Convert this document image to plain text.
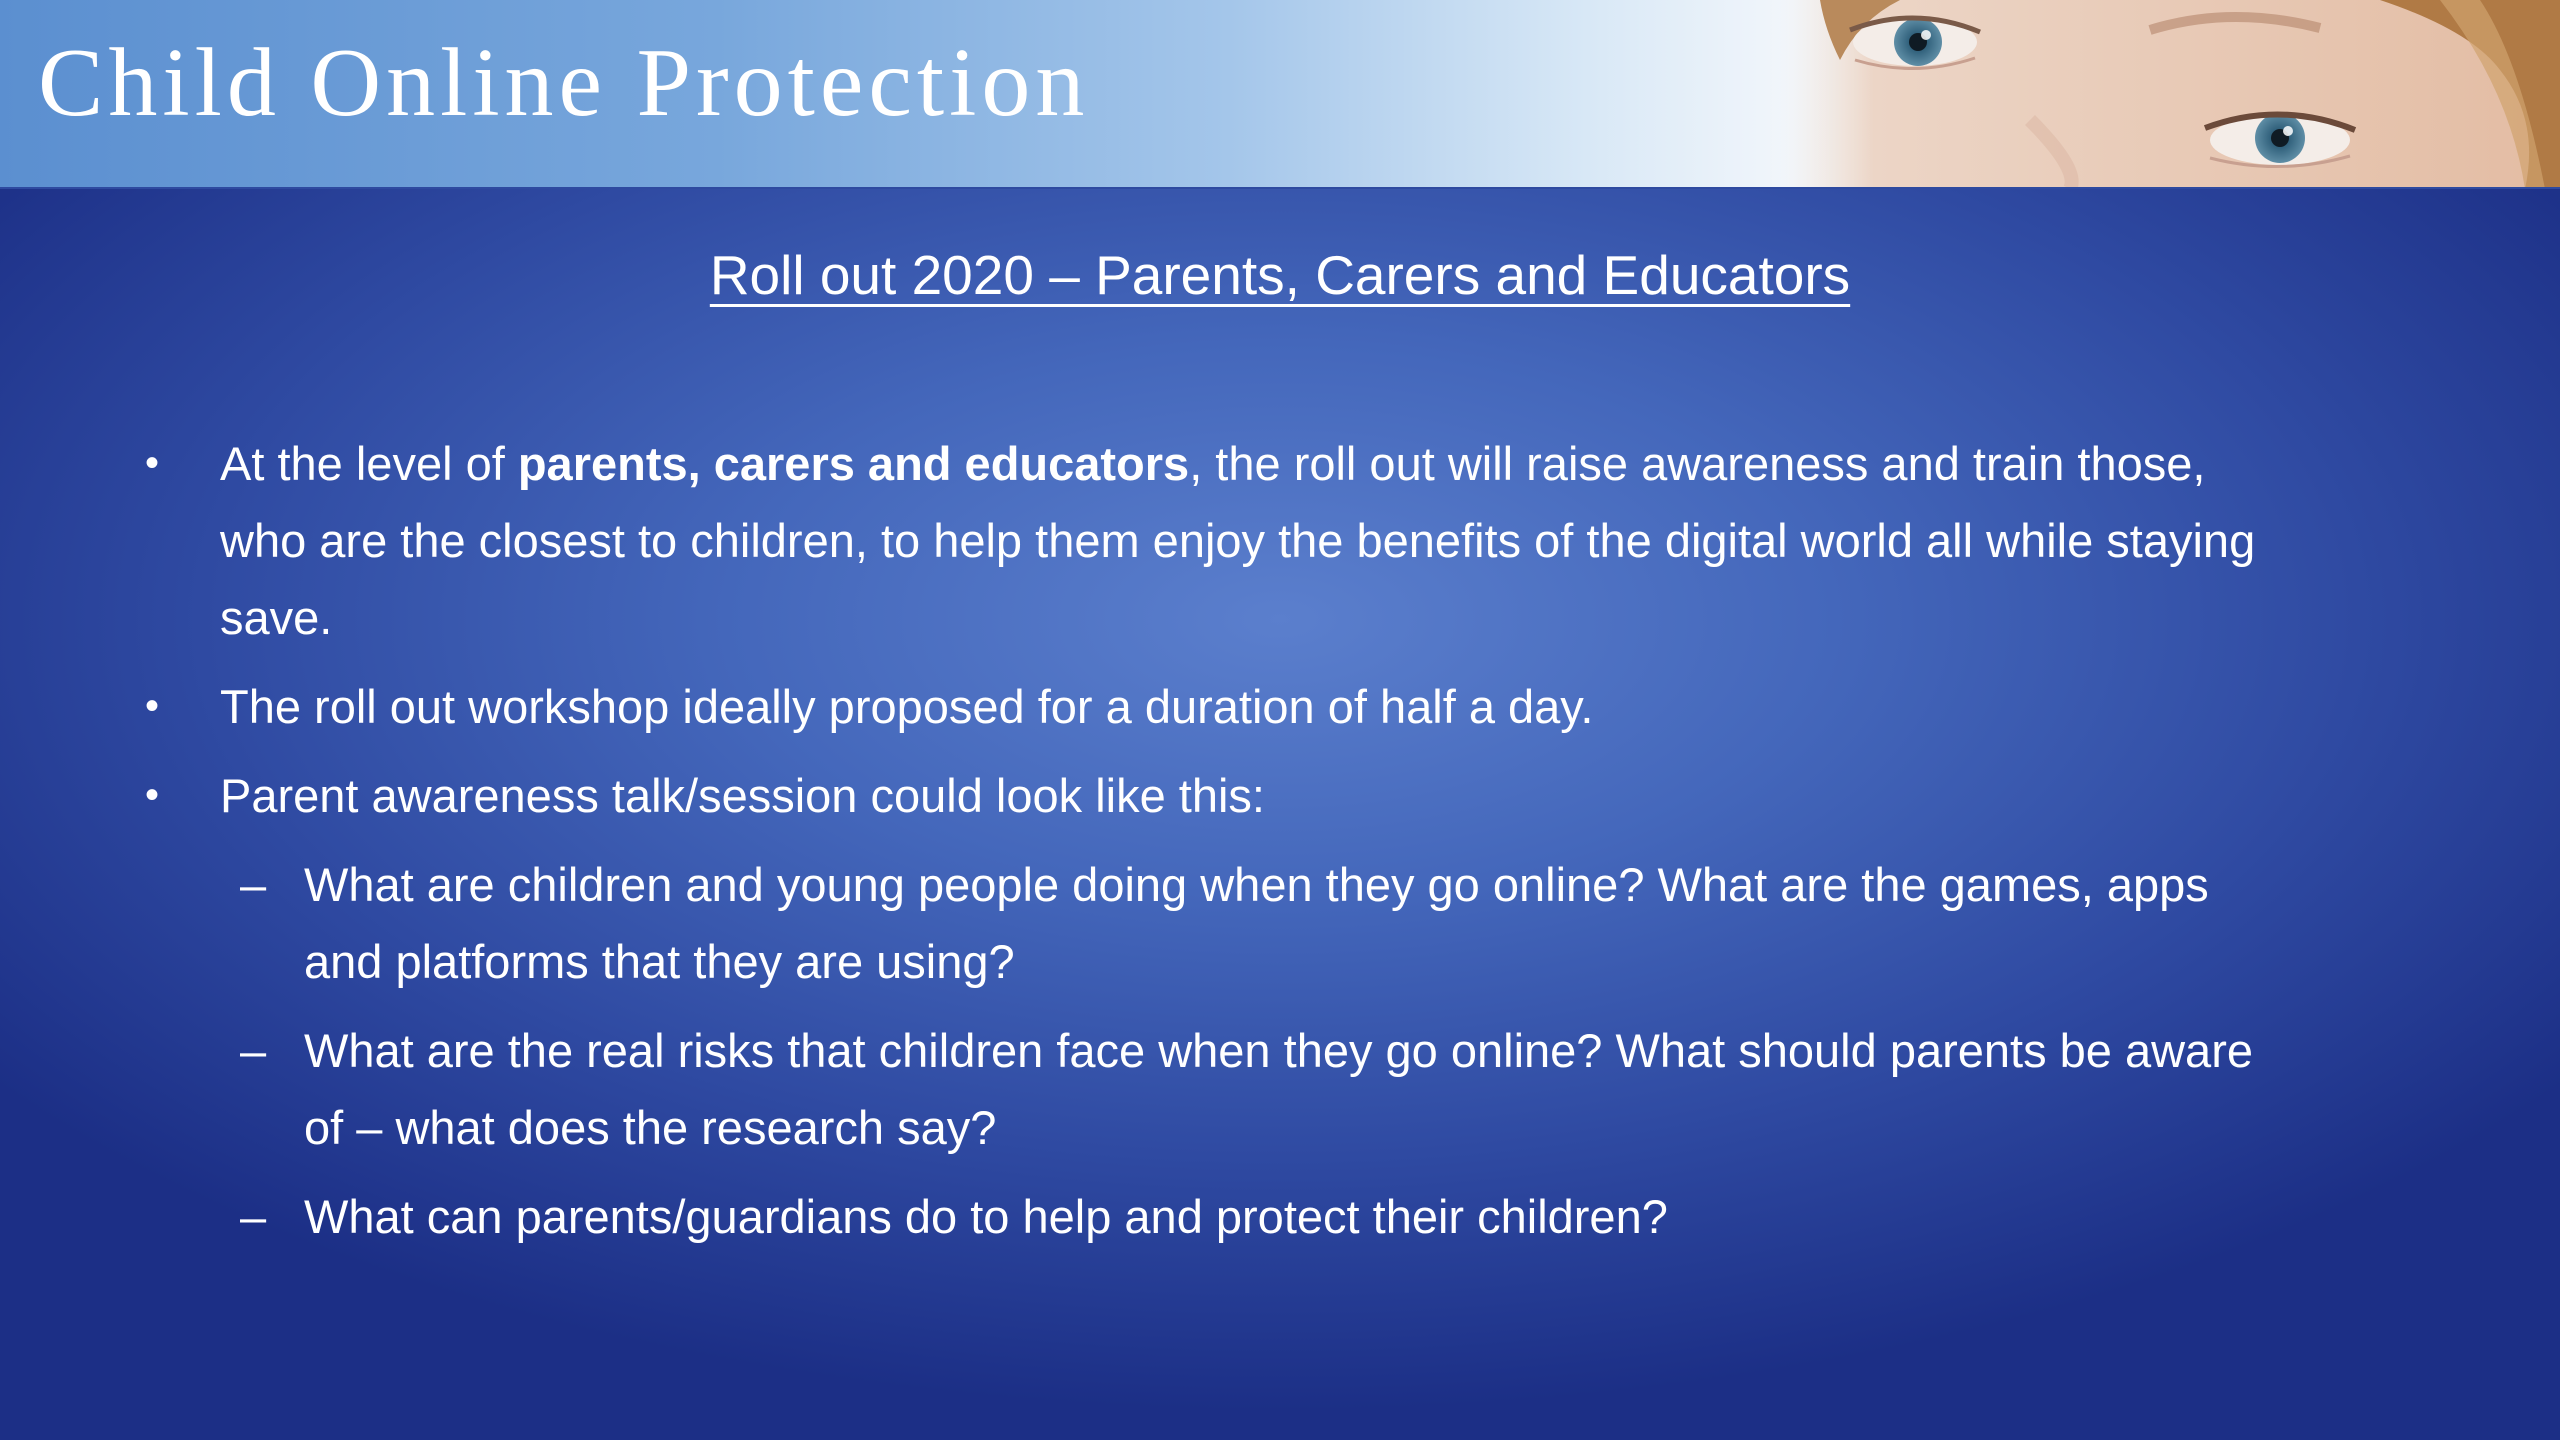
Child Online Protection
Roll out 2020 – Parents, Carers and Educators
• At the level of parents, carers and educators, the roll out will raise awareness and train those, who are the closest to children, to help them enjoy the benefits of the digital world all while staying save.
• The roll out workshop ideally proposed for a duration of half a day.
• Parent awareness talk/session could look like this:
– What are children and young people doing when they go online? What are the games, apps and platforms that they are using?
– What are the real risks that children face when they go online? What should parents be aware of – what does the research say?
– What can parents/guardians do to help and protect their children?
